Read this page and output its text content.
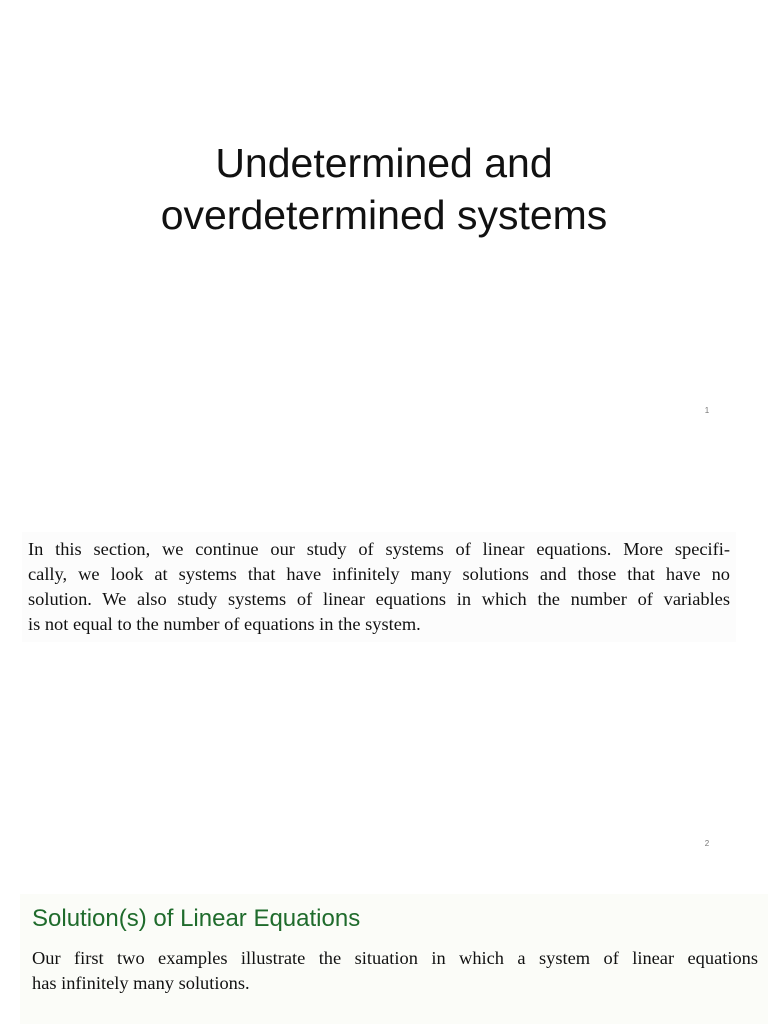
Undetermined and
overdetermined systems
1

In this section, we continue our study of systems of linear equations. More specifi-
cally, we look at systems that have infinitely many solutions and those that have no
solution. We also study systems of linear equations in which the number of variables
is not equal to the number of equations in the system.

2
Solution(s) of Linear Equations

Our first two examples illustrate the situation in which a system of linear equations
has infinitely many solutions.
